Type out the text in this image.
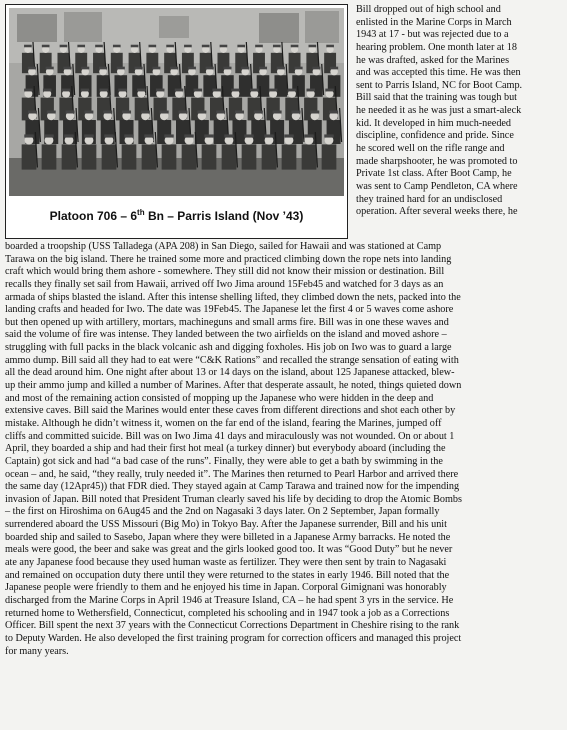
Platoon 706 – 6th Bn – Parris Island (Nov ’43)
Bill dropped out of high school and
enlisted in the Marine Corps in March
1943 at 17 - but was rejected due to a
hearing problem. One month later at 18
he was drafted, asked for the Marines
and was accepted this time. He was then
sent to Parris Island, NC for Boot Camp.
Bill said that the training was tough but
he needed it as he was just a smart-aleck
kid. It developed in him much-needed
discipline, confidence and pride. Since
he scored well on the rifle range and
made sharpshooter, he was promoted to
Private 1st class. After Boot Camp, he
was sent to Camp Pendleton, CA where
they trained hard for an undisclosed
operation. After several weeks there, he
boarded a troopship (USS Talladega (APA 208) in San Diego, sailed for Hawaii and was stationed at Camp
Tarawa on the big island. There he trained some more and practiced climbing down the rope nets into landing
craft which would bring them ashore - somewhere. They still did not know their mission or destination. Bill
recalls they finally set sail from Hawaii, arrived off Iwo Jima around 15Feb45 and watched for 3 days as an
armada of ships blasted the island. After this intense shelling lifted, they climbed down the nets, packed into the
landing crafts and headed for Iwo. The date was 19Feb45. The Japanese let the first 4 or 5 waves come ashore
but then opened up with artillery, mortars, machineguns and small arms fire. Bill was in one these waves and
said the volume of fire was intense. They landed between the two airfields on the island and moved ashore –
struggling with full packs in the black volcanic ash and digging foxholes. His job on Iwo was to guard a large
ammo dump. Bill said all they had to eat were “C&K Rations” and recalled the strange sensation of eating with
all the dead around him. One night after about 13 or 14 days on the island, about 125 Japanese attacked, blew-
up their ammo jump and killed a number of Marines. After that desperate assault, he noted, things quieted down
and most of the remaining action consisted of mopping up the Japanese who were hidden in the deep and
extensive caves. Bill said the Marines would enter these caves from different directions and shot each other by
mistake. Although he didn’t witness it, women on the far end of the island, fearing the Marines, jumped off
cliffs and committed suicide. Bill was on Iwo Jima 41 days and miraculously was not wounded. On or about 1
April, they boarded a ship and had their first hot meal (a turkey dinner) but everybody aboard (including the
Captain) got sick and had “a bad case of the runs”. Finally, they were able to get a bath by swimming in the
ocean – and, he said, “they really, truly needed it”. The Marines then returned to Pearl Harbor and arrived there
the same day (12Apr45)) that FDR died. They stayed again at Camp Tarawa and trained now for the impending
invasion of Japan. Bill noted that President Truman clearly saved his life by deciding to drop the Atomic Bombs
– the first on Hiroshima on 6Aug45 and the 2nd on Nagasaki 3 days later. On 2 September, Japan formally
surrendered aboard the USS Missouri (Big Mo) in Tokyo Bay. After the Japanese surrender, Bill and his unit
boarded ship and sailed to Sasebo, Japan where they were billeted in a Japanese Army barracks. He noted the
meals were good, the beer and sake was great and the girls looked good too. It was “Good Duty” but he never
ate any Japanese food because they used human waste as fertilizer. They were then sent by train to Nagasaki
and remained on occupation duty there until they were returned to the states in early 1946. Bill noted that the
Japanese people were friendly to them and he enjoyed his time in Japan. Corporal Gimignani was honorably
discharged from the Marine Corps in April 1946 at Treasure Island, CA – he had spent 3 yrs in the service. He
returned home to Wethersfield, Connecticut, completed his schooling and in 1947 took a job as a Corrections
Officer. Bill spent the next 37 years with the Connecticut Corrections Department in Cheshire rising to the rank
to Deputy Warden. He also developed the first training program for correction officers and managed this project
for many years.
